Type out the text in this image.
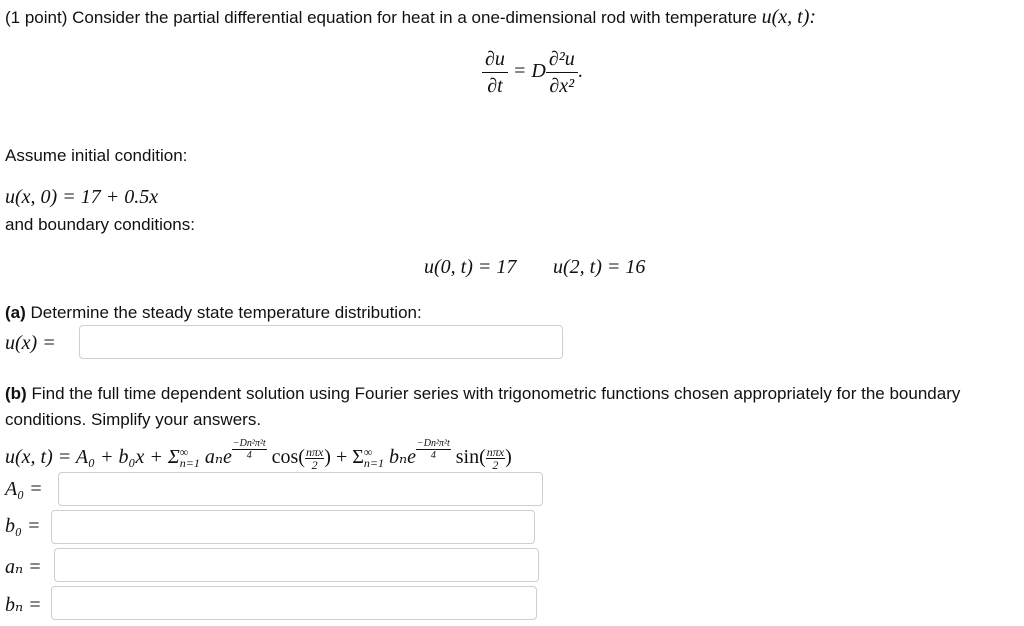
(1 point) Consider the partial differential equation for heat in a one-dimensional rod with temperature u(x, t):
$\frac{\partial u}{\partial t} = D \frac{\text{∂²u}}{\text{∂x²}}$ .
Assume initial condition:
u(x, 0) = 17 + 0.5x
and boundary conditions:
u(0, t) = 17 u(2, t) = 16
(a) Determine the steady state temperature distribution:
u(x) =
(b) Find the full time dependent solution using Fourier series with trigonometric functions chosen appropriately for the boundary
conditions. Simplify your answers.
u(x, t) = A₀ + b₀x + Σ ∞
n=1 aₙe $\frac{\text{−Dn²π²t}}{4} \cos$( nπx
2 ) + Σ ∞
n=1 bₙe $\frac{\text{−Dn²π²t}}{4} \sin$( nπx
2 )
A₀ =
b₀ =
aₙ =
bₙ =
